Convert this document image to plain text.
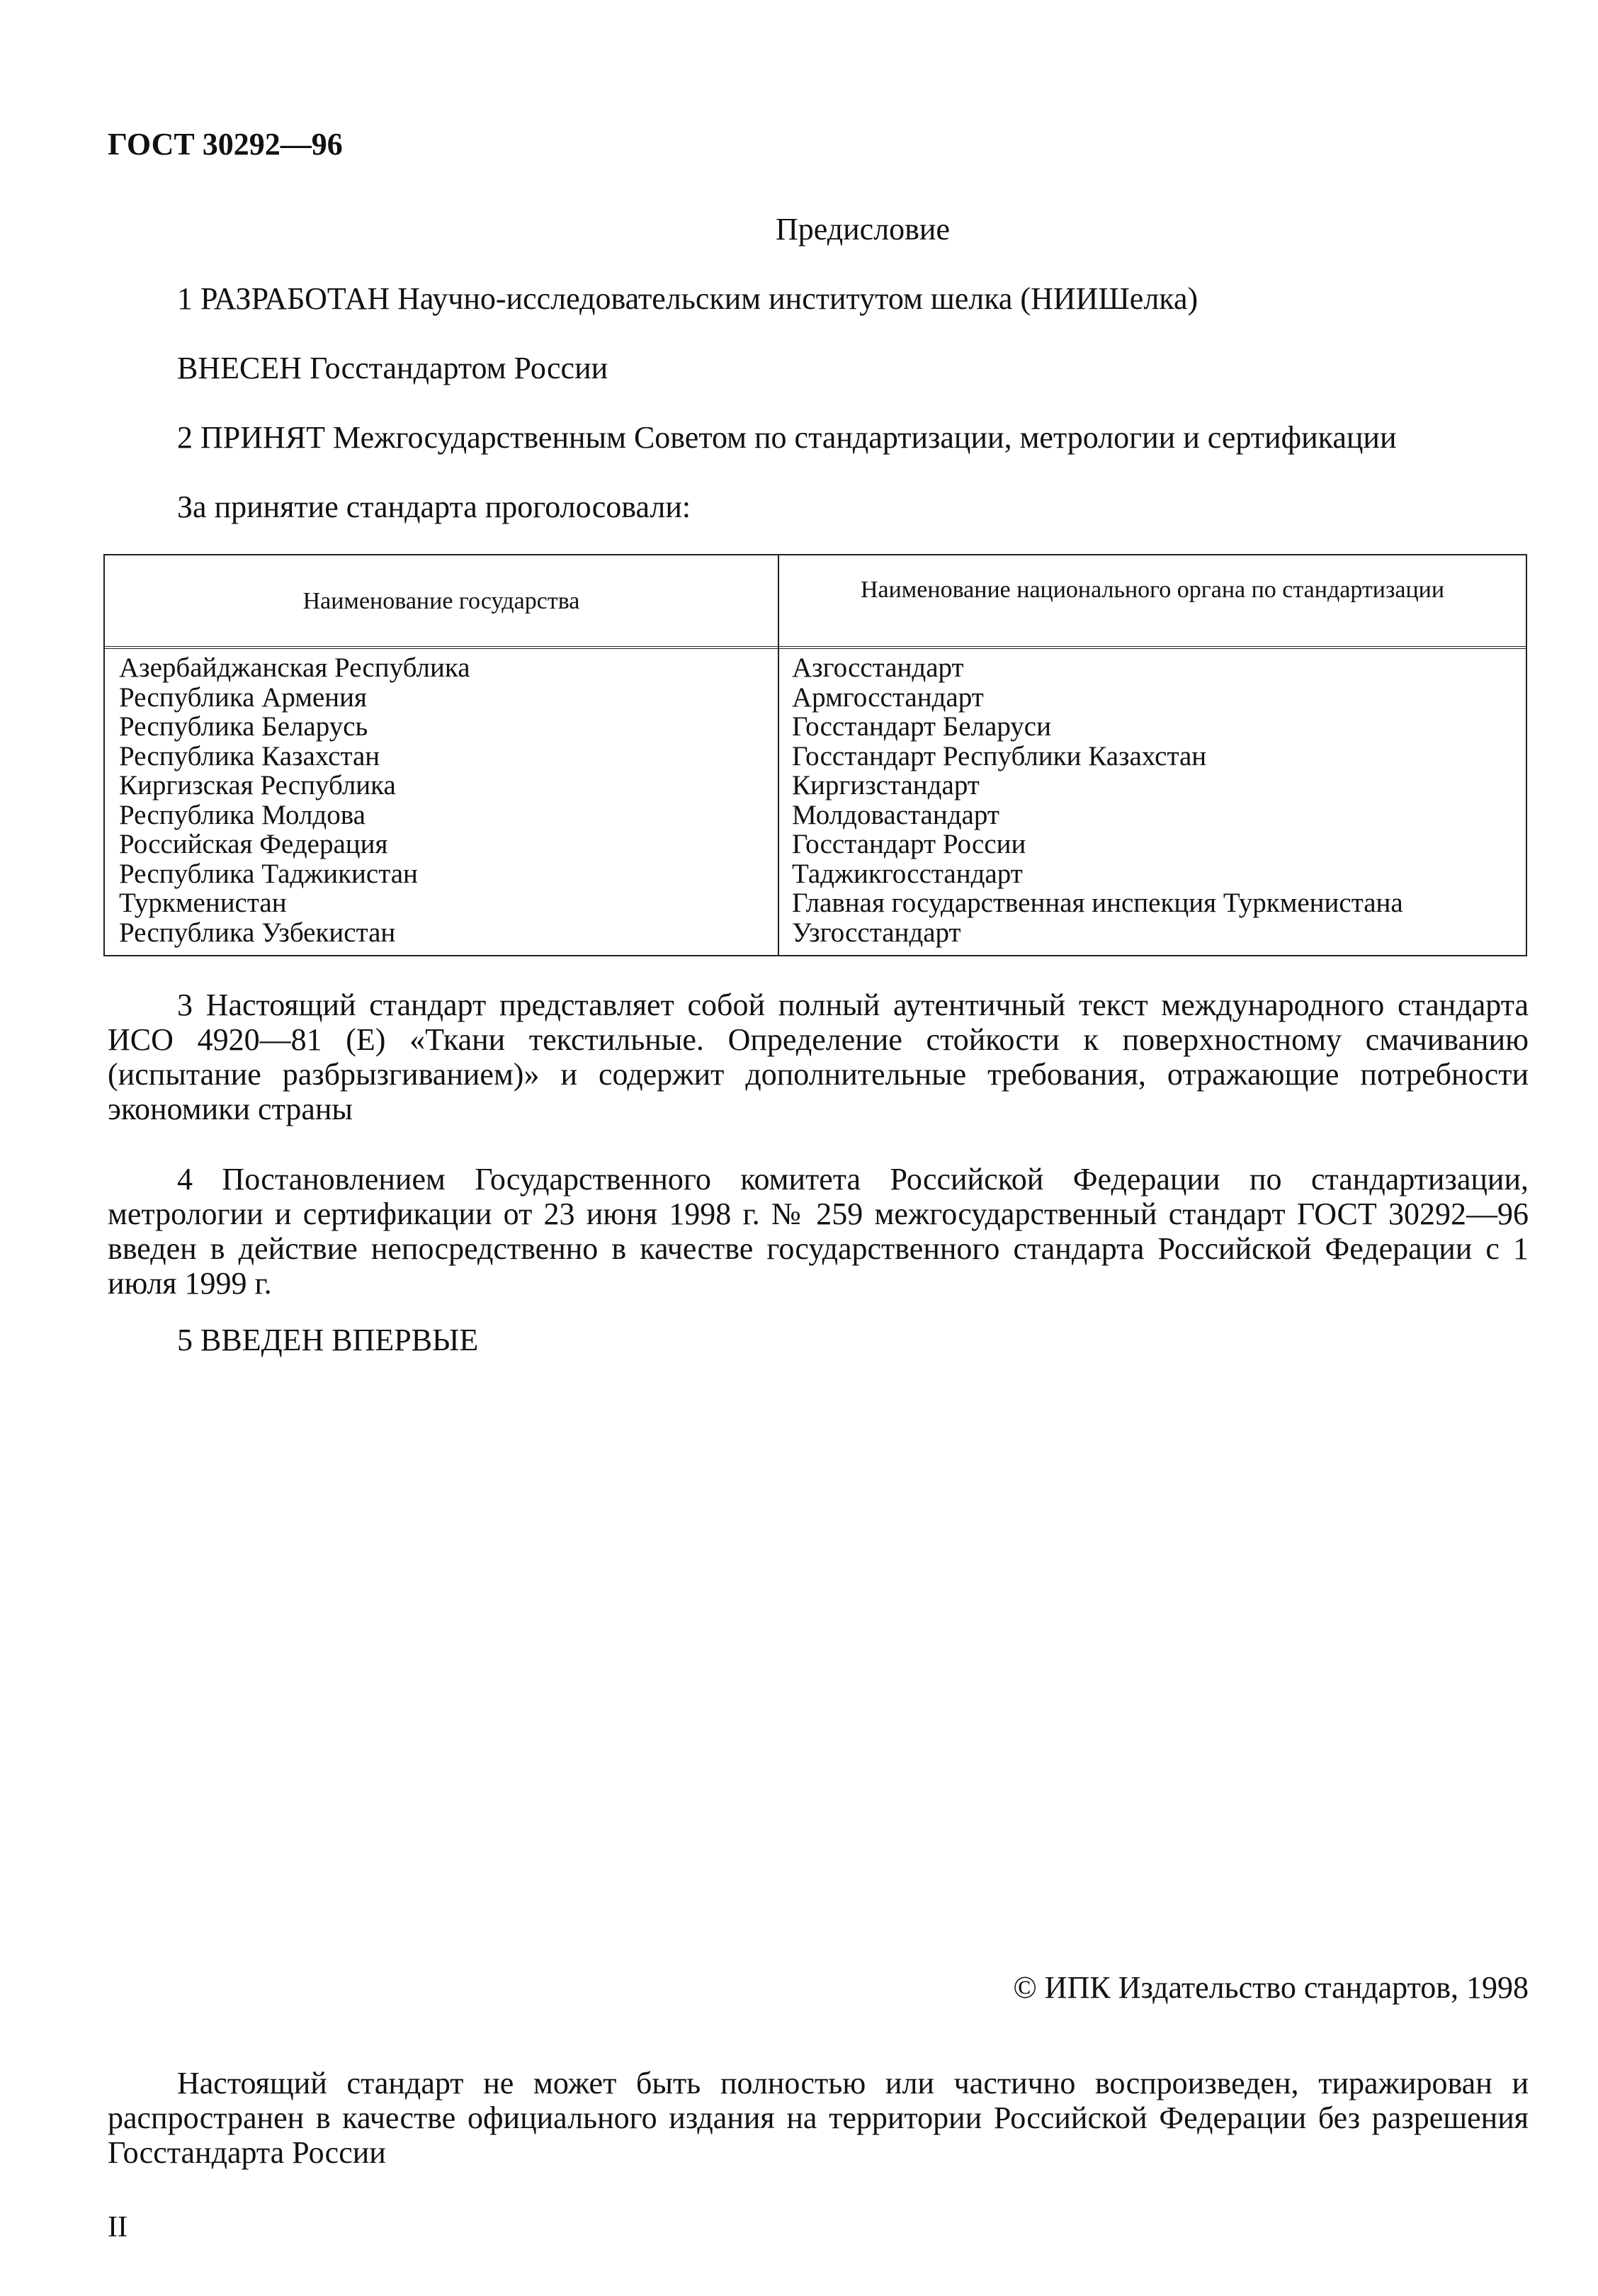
ГОСТ 30292—96
Предисловие
1 РАЗРАБОТАН Научно-исследовательским институтом шелка (НИИШелка)
ВНЕСЕН Госстандартом России
2 ПРИНЯТ Межгосударственным Советом по стандартизации, метрологии и сертификации
За принятие стандарта проголосовали:
Наименование государства	Наименование национального органа по стандартизации
Азербайджанская Республика
Республика Армения
Республика Беларусь
Республика Казахстан
Киргизская Республика
Республика Молдова
Российская Федерация
Республика Таджикистан
Туркменистан
Республика Узбекистан
Азгосстандарт
Армгосстандарт
Госстандарт Беларуси
Госстандарт Республики Казахстан
Киргизстандарт
Молдовастандарт
Госстандарт России
Таджикгосстандарт
Главная государственная инспекция Туркменистана
Узгосстандарт
3 Настоящий стандарт представляет собой полный аутентичный текст международного стандарта ИСО 4920—81 (Е) «Ткани текстильные. Определение стойкости к поверхностному смачиванию (испытание разбрызгиванием)» и содержит дополнительные требования, отражающие потребности экономики страны
4 Постановлением Государственного комитета Российской Федерации по стандартизации, метрологии и сертификации от 23 июня 1998 г. № 259 межгосударственный стандарт ГОСТ 30292—96 введен в действие непосредственно в качестве государственного стандарта Российской Федерации с 1 июля 1999 г.
5 ВВЕДЕН ВПЕРВЫЕ
© ИПК Издательство стандартов, 1998
Настоящий стандарт не может быть полностью или частично воспроизведен, тиражирован и распространен в качестве официального издания на территории Российской Федерации без разрешения Госстандарта России
II
